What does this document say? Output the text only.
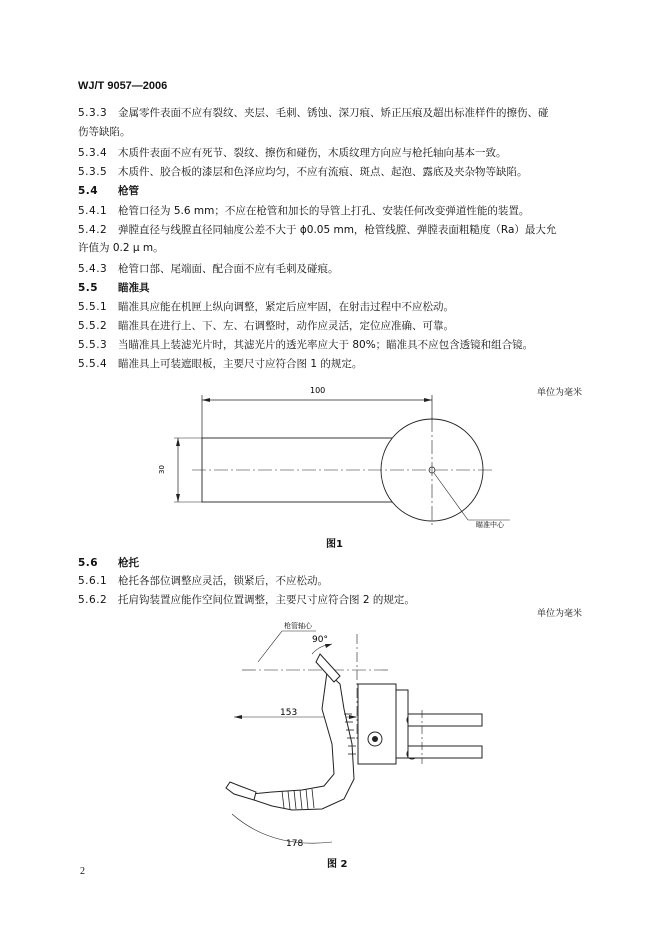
WJ/T 9057—2006
5.3.3 金属零件表面不应有裂纹、夹层、毛刺、锈蚀、深刀痕、矫正压痕及超出标准样件的擦伤、碰
伤等缺陷。
5.3.4 木质件表面不应有死节、裂纹、擦伤和碰伤，木质纹理方向应与枪托轴向基本一致。
5.3.5 木质件、胶合板的漆层和色泽应均匀，不应有流痕、斑点、起泡、露底及夹杂物等缺陷。
5.4 枪管
5.4.1 枪管口径为 5.6 mm；不应在枪管和加长的导管上打孔、安装任何改变弹道性能的装置。
5.4.2 弹膛直径与线膛直径同轴度公差不大于 ϕ0.05 mm，枪管线膛、弹膛表面粗糙度（Ra）最大允
许值为 0.2 μ m。
5.4.3 枪管口部、尾端面、配合面不应有毛刺及碰痕。
5.5 瞄准具
5.5.1 瞄准具应能在机匣上纵向调整，紧定后应牢固，在射击过程中不应松动。
5.5.2 瞄准具在进行上、下、左、右调整时，动作应灵活，定位应准确、可靠。
5.5.3 当瞄准具上装滤光片时，其滤光片的透光率应大于 80%；瞄准具不应包含透镜和组合镜。
5.5.4 瞄准具上可装遮眼板，主要尺寸应符合图 1 的规定。
单位为毫米
100
30
瞄准中心
图1
5.6 枪托
5.6.1 枪托各部位调整应灵活，锁紧后，不应松动。
5.6.2 托肩钩装置应能作空间位置调整，主要尺寸应符合图 2 的规定。
单位为毫米
枪管轴心
90°
153
178
图 2
2
